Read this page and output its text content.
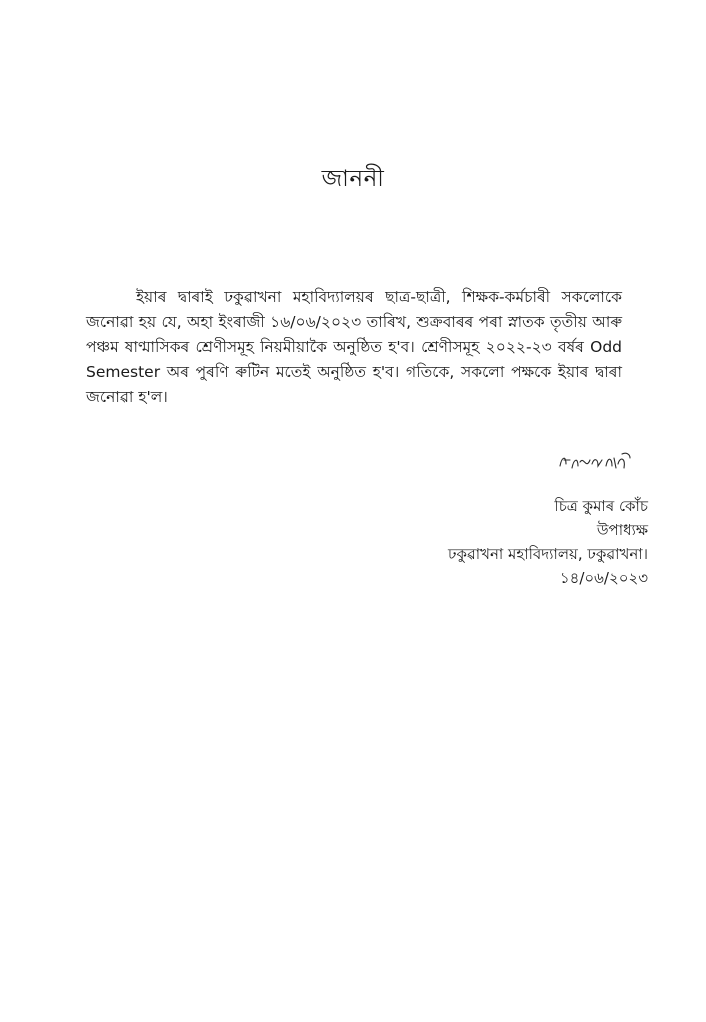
জাননী

ইয়াৰ দ্বাৰাই ঢকুৱাখনা মহাবিদ্যালয়ৰ ছাত্ৰ-ছাত্ৰী, শিক্ষক-কৰ্মচাৰী সকলোকে জনোৱা হয় যে, অহা ইংৰাজী ১৬/০৬/২০২৩ তাৰিখ, শুক্ৰবাৰৰ পৰা স্নাতক তৃতীয় আৰু পঞ্চম ষাণ্মাসিকৰ শ্ৰেণীসমূহ নিয়মীয়াকৈ অনুষ্ঠিত হ'ব। শ্ৰেণীসমূহ ২০২২-২৩ বৰ্ষৰ Odd Semester অৰ পুৰণি ৰুটিন মতেই অনুষ্ঠিত হ'ব। গতিকে, সকলো পক্ষকে ইয়াৰ দ্বাৰা জনোৱা হ'ল।

চিত্ৰ কুমাৰ কোঁচ
উপাধ্যক্ষ
ঢকুৱাখনা মহাবিদ্যালয়, ঢকুৱাখনা।
১৪/০৬/২০২৩
